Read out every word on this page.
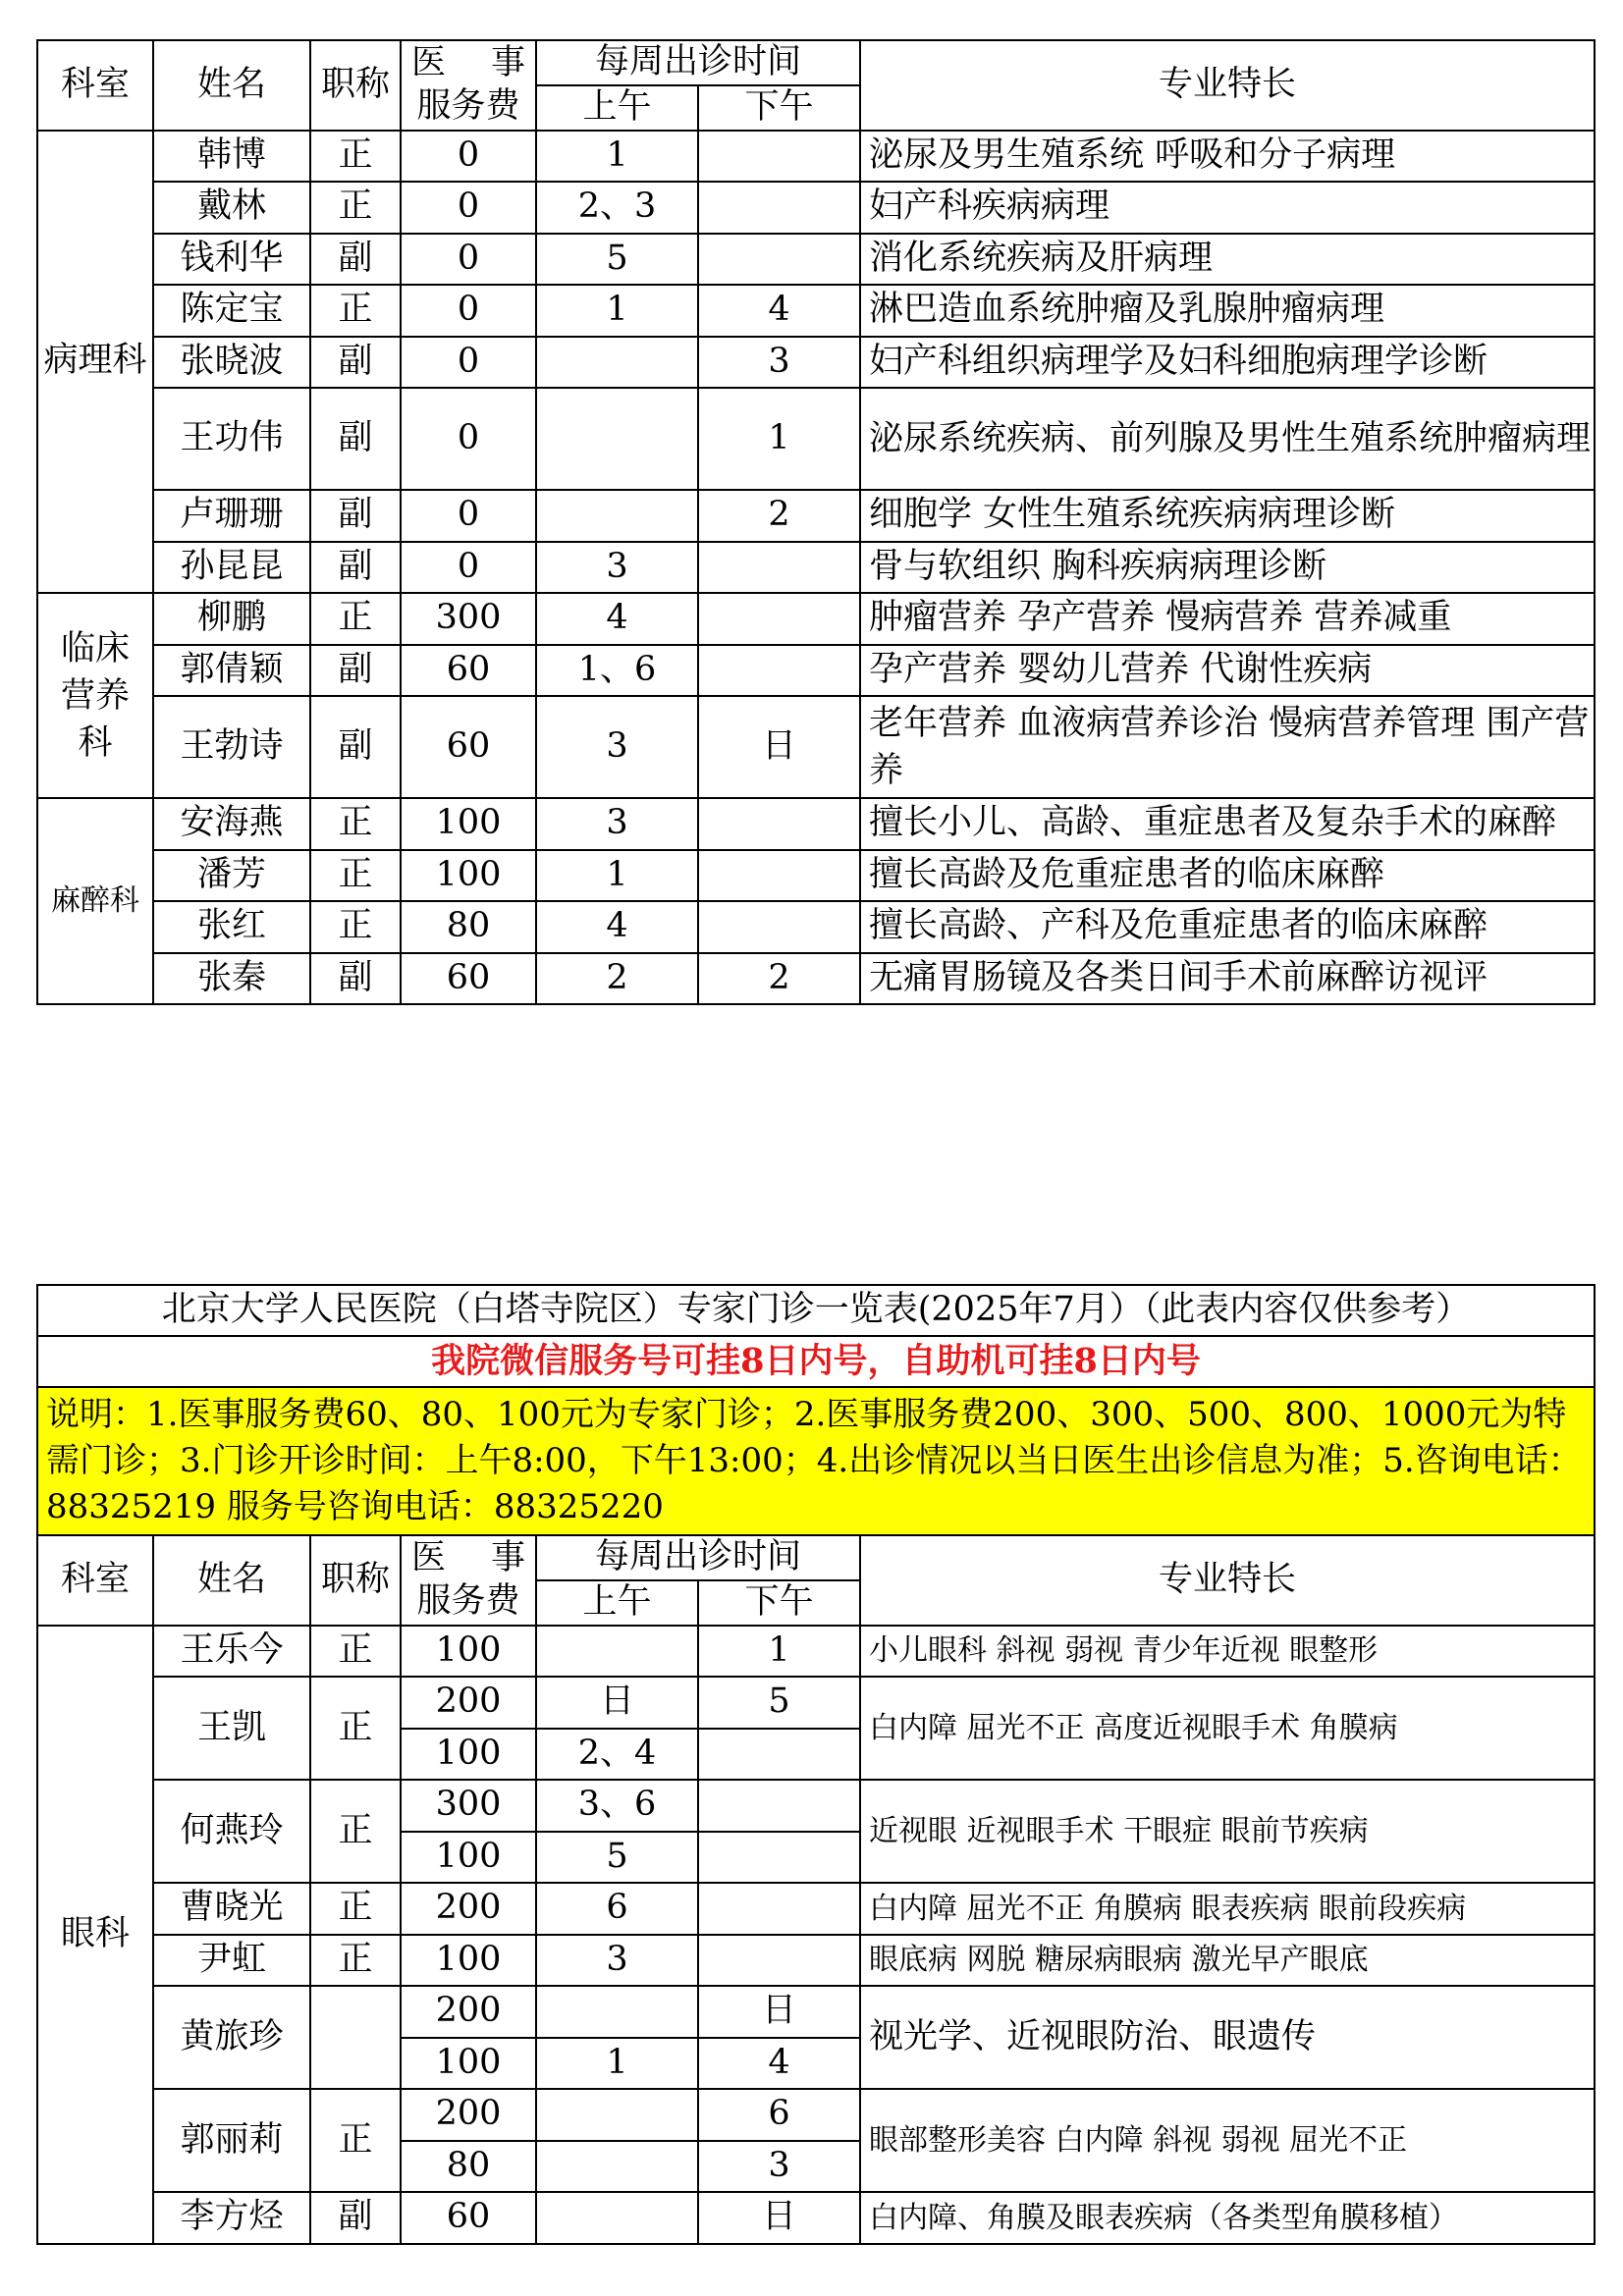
科室	姓名	职称	医 事
服务费	每周出诊时间		专业特长
				上午	下午	
病理科	韩博	正	0	1		泌尿及男生殖系统 呼吸和分子病理
	戴林	正	0	2、3		妇产科疾病病理
	钱利华	副	0	5		消化系统疾病及肝病理
	陈定宝	正	0	1	4	淋巴造血系统肿瘤及乳腺肿瘤病理
	张晓波	副	0		3	妇产科组织病理学及妇科细胞病理学诊断
	王功伟	副	0		1	泌尿系统疾病、前列腺及男性生殖系统肿瘤病理
	卢珊珊	副	0		2	细胞学 女性生殖系统疾病病理诊断
	孙昆昆	副	0	3		骨与软组织 胸科疾病病理诊断
临床营养科	柳鹏	正	300	4		肿瘤营养 孕产营养 慢病营养 营养减重
	郭倩颖	副	60	1、6		孕产营养 婴幼儿营养 代谢性疾病
	王勃诗	副	60	3	日	老年营养 血液病营养诊治 慢病营养管理 围产营养
麻醉科	安海燕	正	100	3		擅长小儿、高龄、重症患者及复杂手术的麻醉
	潘芳	正	100	1		擅长高龄及危重症患者的临床麻醉
	张红	正	80	4		擅长高龄、产科及危重症患者的临床麻醉
	张秦	副	60	2	2	无痛胃肠镜及各类日间手术前麻醉访视评
北京大学人民医院（白塔寺院区）专家门诊一览表(2025年7月）（此表内容仅供参考）						
我院微信服务号可挂8日内号，自助机可挂8日内号						
说明：1.医事服务费60、80、100元为专家门诊；2.医事服务费200、300、500、800、1000元为特需门诊；3.门诊开诊时间：上午8:00，下午13:00；4.出诊情况以当日医生出诊信息为准；5.咨询电话：88325219 服务号咨询电话：88325220						
科室	姓名	职称	医 事
服务费	每周出诊时间		专业特长
				上午	下午	
眼科	王乐今	正	100		1	小儿眼科 斜视 弱视 青少年近视 眼整形
	王凯	正	200	日	5	白内障 屈光不正 高度近视眼手术 角膜病
			100	2、4		
	何燕玲	正	300	3、6		近视眼 近视眼手术 干眼症 眼前节疾病
			100	5		
	曹晓光	正	200	6		白内障 屈光不正 角膜病 眼表疾病 眼前段疾病
	尹虹	正	100	3		眼底病 网脱 糖尿病眼病 激光早产眼底
	黄旅珍		200		日	视光学、近视眼防治、眼遗传
			100	1	4	
	郭丽莉	正	200		6	眼部整形美容 白内障 斜视 弱视 屈光不正
			80		3	
	李方烃	副	60		日	白内障、角膜及眼表疾病（各类型角膜移植）
